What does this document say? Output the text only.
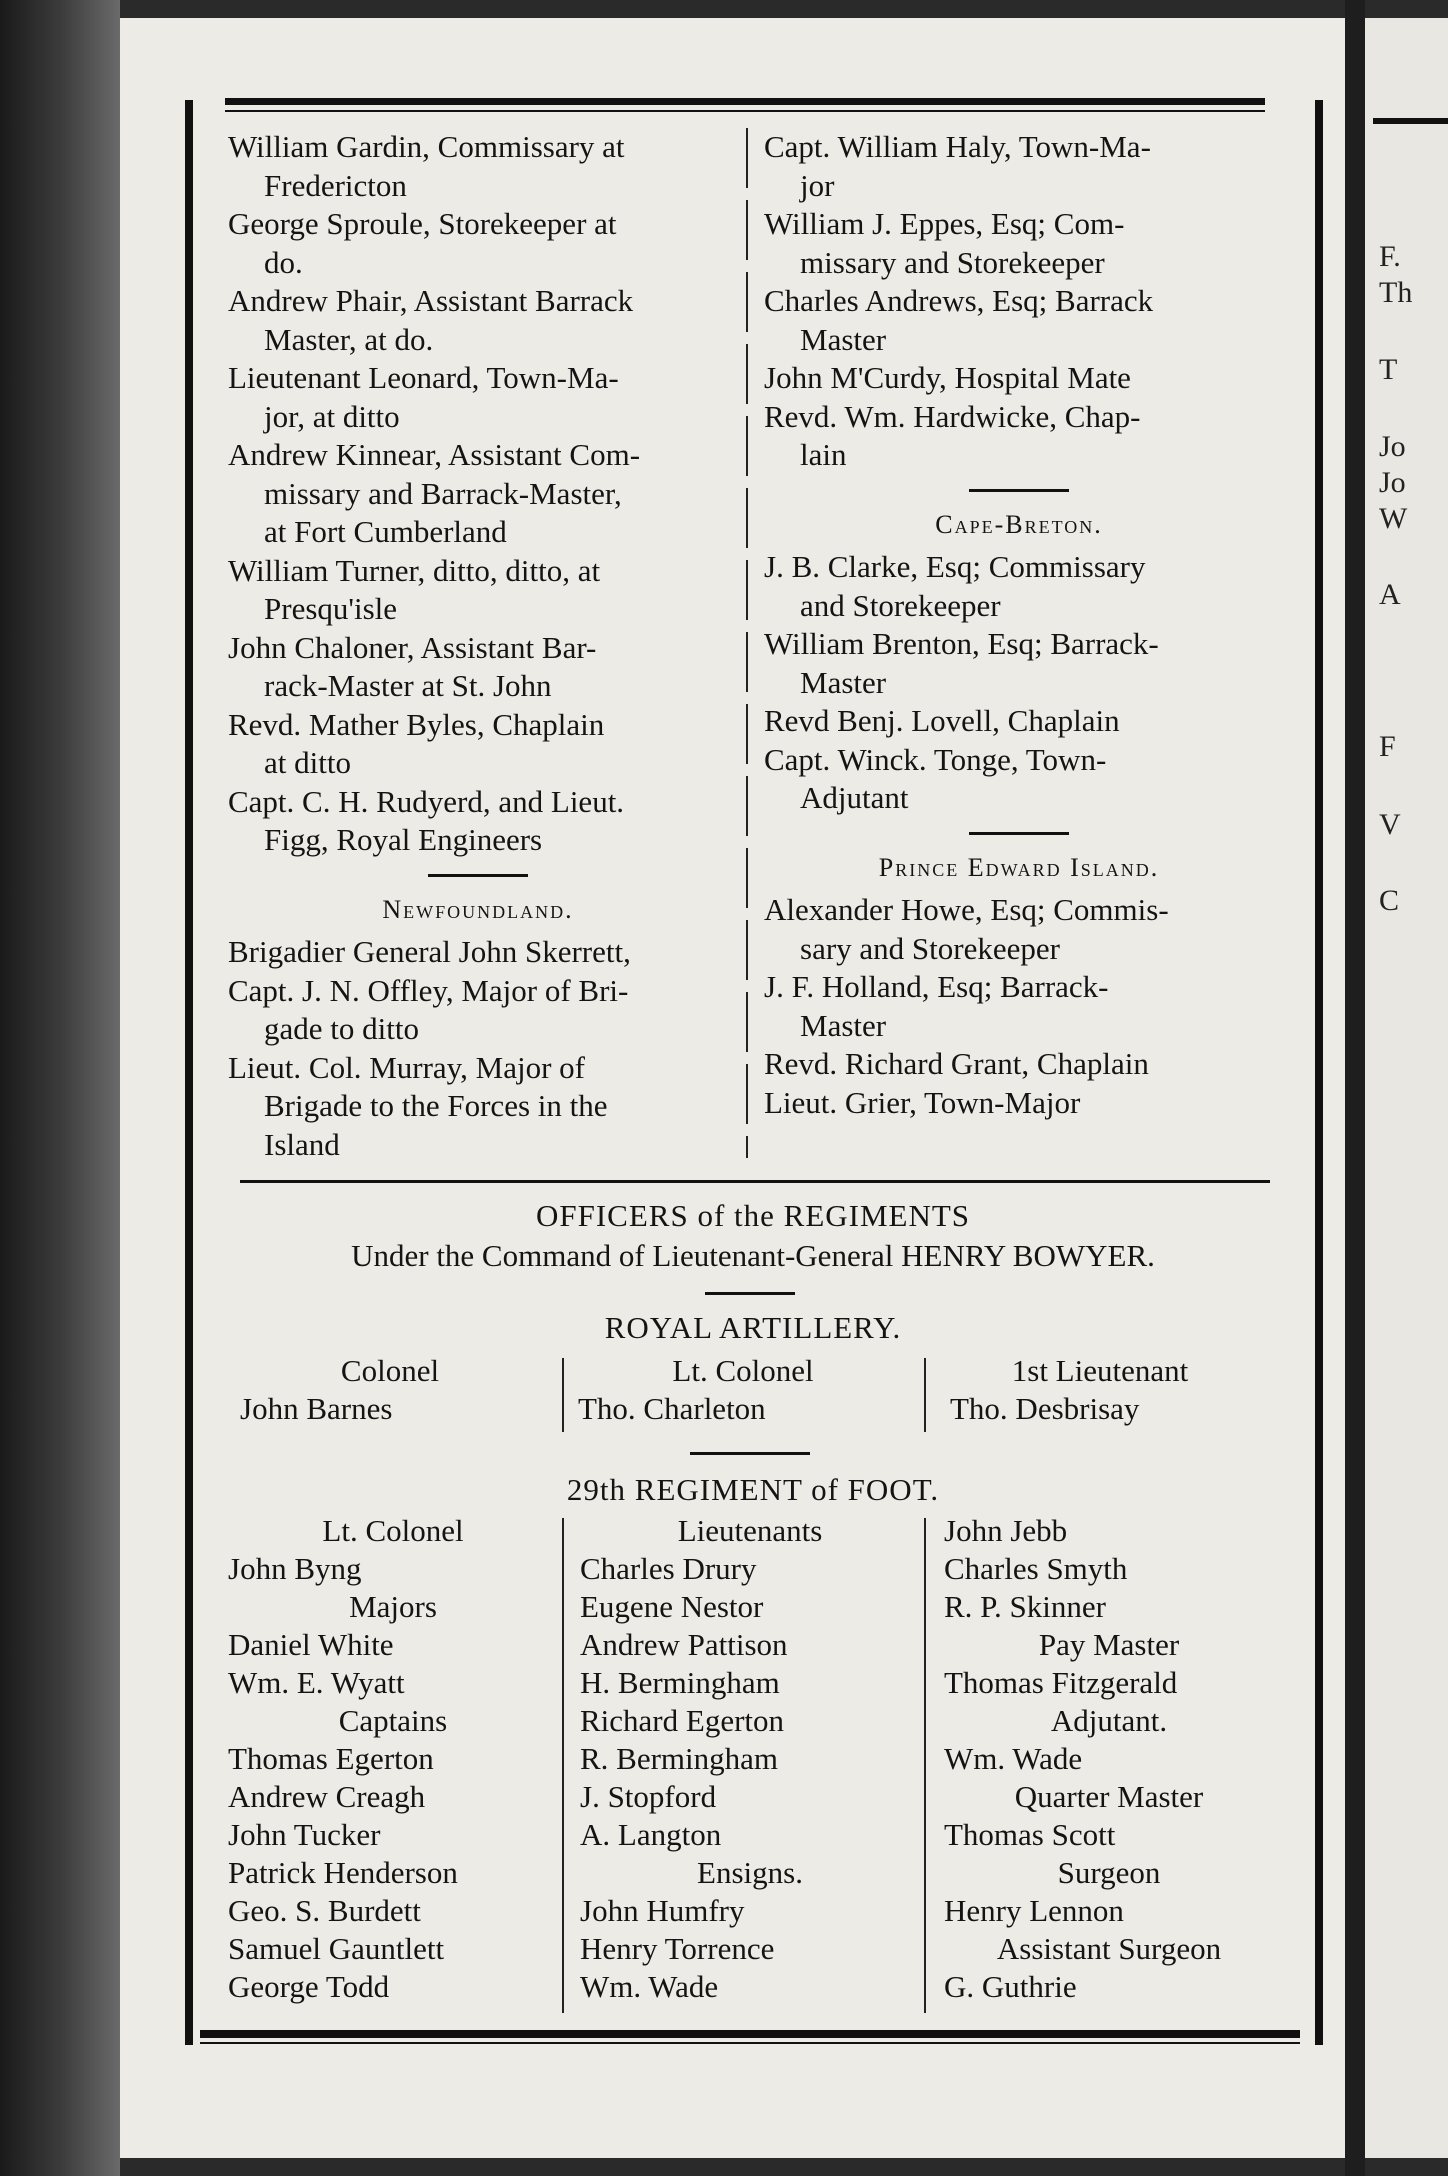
F.
Th
T
Jo
Jo
W
A
F
V
C
William Gardin, Commissary at
Fredericton
George Sproule, Storekeeper at
do.
Andrew Phair, Assistant Barrack
Master, at do.
Lieutenant Leonard, Town-Ma-
jor, at ditto
Andrew Kinnear, Assistant Com-
missary and Barrack-Master,
at Fort Cumberland
William Turner, ditto, ditto, at
Presqu'isle
John Chaloner, Assistant Bar-
rack-Master at St. John
Revd. Mather Byles, Chaplain
at ditto
Capt. C. H. Rudyerd, and Lieut.
Figg, Royal Engineers
Newfoundland.
Brigadier General John Skerrett,
Capt. J. N. Offley, Major of Bri-
gade to ditto
Lieut. Col. Murray, Major of
Brigade to the Forces in the
Island
Capt. William Haly, Town-Ma-
jor
William J. Eppes, Esq; Com-
missary and Storekeeper
Charles Andrews, Esq; Barrack
Master
John M'Curdy, Hospital Mate
Revd. Wm. Hardwicke, Chap-
lain
Cape-Breton.
J. B. Clarke, Esq; Commissary
and Storekeeper
William Brenton, Esq; Barrack-
Master
Revd Benj. Lovell, Chaplain
Capt. Winck. Tonge, Town-
Adjutant
Prince Edward Island.
Alexander Howe, Esq; Commis-
sary and Storekeeper
J. F. Holland, Esq; Barrack-
Master
Revd. Richard Grant, Chaplain
Lieut. Grier, Town-Major
OFFICERS of the REGIMENTS
Under the Command of Lieutenant-General HENRY BOWYER.
ROYAL ARTILLERY.
Colonel
John Barnes
Lt. Colonel
Tho. Charleton
1st Lieutenant
Tho. Desbrisay
29th REGIMENT of FOOT.
Lt. Colonel
John Byng
Majors
Daniel White
Wm. E. Wyatt
Captains
Thomas Egerton
Andrew Creagh
John Tucker
Patrick Henderson
Geo. S. Burdett
Samuel Gauntlett
George Todd
Lieutenants
Charles Drury
Eugene Nestor
Andrew Pattison
H. Bermingham
Richard Egerton
R. Bermingham
J. Stopford
A. Langton
Ensigns.
John Humfry
Henry Torrence
Wm. Wade
John Jebb
Charles Smyth
R. P. Skinner
Pay Master
Thomas Fitzgerald
Adjutant.
Wm. Wade
Quarter Master
Thomas Scott
Surgeon
Henry Lennon
Assistant Surgeon
G. Guthrie
